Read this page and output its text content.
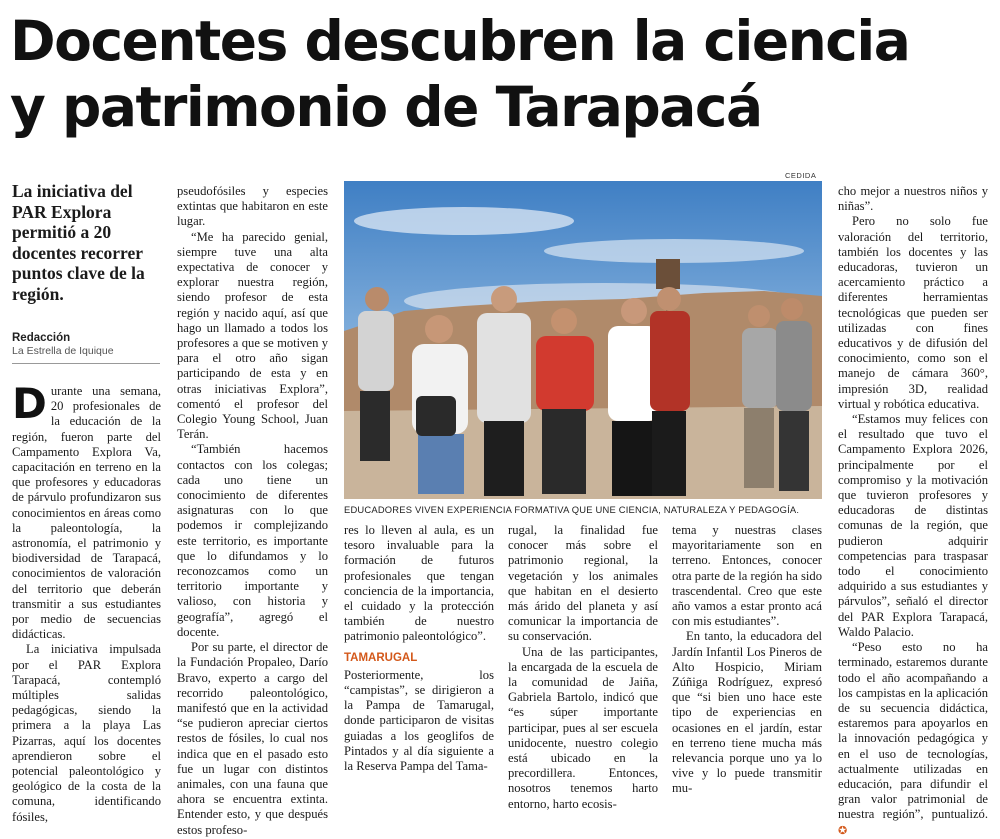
Docentes descubren la ciencia
y patrimonio de Tarapacá

La iniciativa del PAR Explora permitió a 20 docentes recorrer puntos clave de la región.

Redacción
La Estrella de Iquique

Durante una semana, 20 profesionales de la educación de la región, fueron parte del Campamento Explora Va, capacitación en terreno en la que profesores y educadoras de párvulo profundizaron sus conocimientos en áreas como la paleontología, la astronomía, el patrimonio y biodiversidad de Tarapacá, conocimientos de valoración del territorio que deberán transmitir a sus estudiantes por medio de secuencias didácticas.

La iniciativa impulsada por el PAR Explora Tarapacá, contempló múltiples salidas pedagógicas, siendo la primera a la playa Las Pizarras, aquí los docentes aprendieron sobre el potencial paleontológico y geológico de la costa de la comuna, identificando fósiles,

pseudofósiles y especies extintas que habitaron en este lugar.

“Me ha parecido genial, siempre tuve una alta expectativa de conocer y explorar nuestra región, siendo profesor de esta región y nacido aquí, así que hago un llamado a todos los profesores a que se motiven y para el otro año sigan participando de esta y en otras iniciativas Explora”, comentó el profesor del Colegio Young School, Juan Terán.

“También hacemos contactos con los colegas; cada uno tiene un conocimiento de diferentes asignaturas con lo que podemos ir complejizando este territorio, es importante que lo difundamos y lo reconozcamos como un territorio importante y valioso, con historia y geografía”, agregó el docente.

Por su parte, el director de la Fundación Propaleo, Darío Bravo, experto a cargo del recorrido paleontológico, manifestó que en la actividad “se pudieron apreciar ciertos restos de fósiles, lo cual nos indica que en el pasado esto fue un lugar con distintos animales, con una fauna que ahora se encuentra extinta. Entender esto, y que después estos profeso-

CEDIDA
EDUCADORES VIVEN EXPERIENCIA FORMATIVA QUE UNE CIENCIA, NATURALEZA Y PEDAGOGÍA.

res lo lleven al aula, es un tesoro invaluable para la formación de futuros profesionales que tengan conciencia de la importancia, el cuidado y la protección también de nuestro patrimonio paleontológico”.

TAMARUGAL

Posteriormente, los “campistas”, se dirigieron a la Pampa de Tamarugal, donde participaron de visitas guiadas a los geoglifos de Pintados y al día siguiente a la Reserva Pampa del Tama-

rugal, la finalidad fue conocer más sobre el patrimonio regional, la vegetación y los animales que habitan en el desierto más árido del planeta y así comunicar la importancia de su conservación.

Una de las participantes, la encargada de la escuela de la comunidad de Jaiña, Gabriela Bartolo, indicó que “es súper importante participar, pues al ser escuela unidocente, nuestro colegio está ubicado en la precordillera. Entonces, nosotros tenemos harto entorno, harto ecosis-

tema y nuestras clases mayoritariamente son en terreno. Entonces, conocer otra parte de la región ha sido trascendental. Creo que este año vamos a estar pronto acá con mis estudiantes”.

En tanto, la educadora del Jardín Infantil Los Pineros de Alto Hospicio, Miriam Zúñiga Rodríguez, expresó que “si bien uno hace este tipo de experiencias en ocasiones en el jardín, estar en terreno tiene mucha más relevancia porque uno ya lo vive y lo puede transmitir mu-

cho mejor a nuestros niños y niñas”.

Pero no solo fue valoración del territorio, también los docentes y las educadoras, tuvieron un acercamiento práctico a diferentes herramientas tecnológicas que pueden ser utilizadas con fines educativos y de difusión del conocimiento, como son el manejo de cámara 360°, impresión 3D, realidad virtual y robótica educativa.

“Estamos muy felices con el resultado que tuvo el Campamento Explora 2026, principalmente por el compromiso y la motivación que tuvieron profesores y educadoras de distintas comunas de la región, que pudieron adquirir competencias para traspasar todo el conocimiento adquirido a sus estudiantes y párvulos”, señaló el director del PAR Explora Tarapacá, Waldo Palacio.

“Peso esto no ha terminado, estaremos durante todo el año acompañando a los campistas en la aplicación de su secuencia didáctica, estaremos para apoyarlos en la innovación pedagógica y en el uso de tecnologías, actualmente utilizadas en educación, para difundir el gran valor patrimonial de nuestra región”, puntualizó. ✪
